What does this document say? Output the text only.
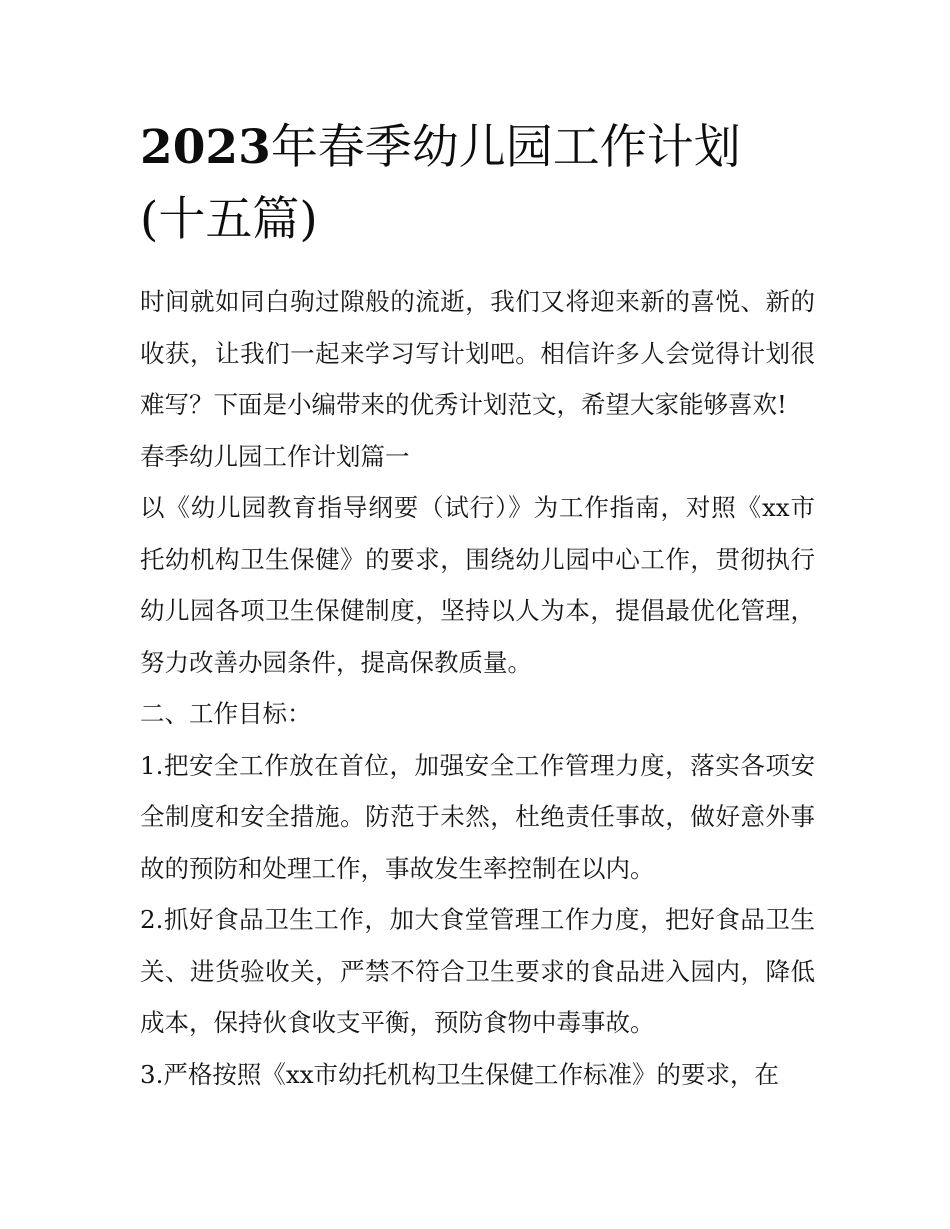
2023年春季幼儿园工作计划
(十五篇)

时间就如同白驹过隙般的流逝，我们又将迎来新的喜悦、新的收获，让我们一起来学习写计划吧。相信许多人会觉得计划很难写？下面是小编带来的优秀计划范文，希望大家能够喜欢!

春季幼儿园工作计划篇一

以《幼儿园教育指导纲要（试行）》为工作指南，对照《xx市托幼机构卫生保健》的要求，围绕幼儿园中心工作，贯彻执行幼儿园各项卫生保健制度，坚持以人为本，提倡最优化管理，努力改善办园条件，提高保教质量。

二、工作目标：

1.把安全工作放在首位，加强安全工作管理力度，落实各项安全制度和安全措施。防范于未然，杜绝责任事故，做好意外事故的预防和处理工作，事故发生率控制在以内。

2.抓好食品卫生工作，加大食堂管理工作力度，把好食品卫生关、进货验收关，严禁不符合卫生要求的食品进入园内，降低成本，保持伙食收支平衡，预防食物中毒事故。

3.严格按照《xx市幼托机构卫生保健工作标准》的要求，在
